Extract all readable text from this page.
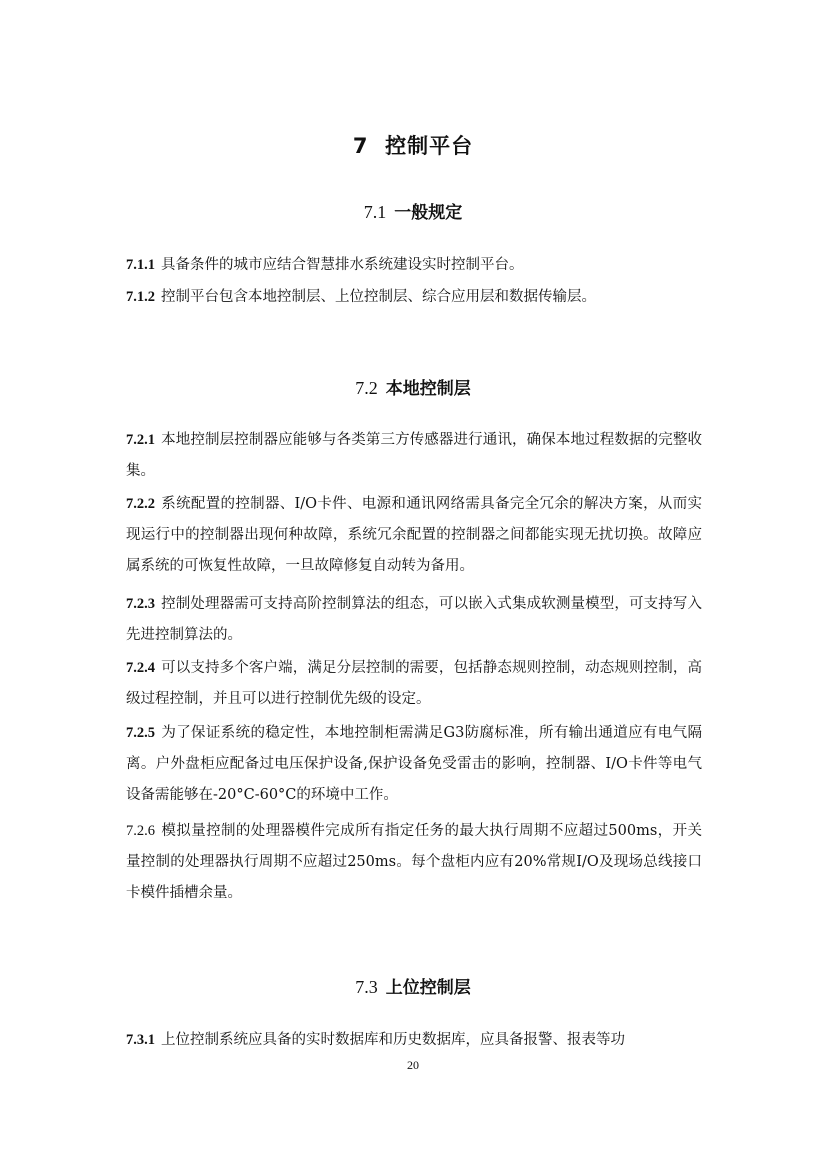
7 控制平台
7.1 一般规定
7.1.1 具备条件的城市应结合智慧排水系统建设实时控制平台。
7.1.2 控制平台包含本地控制层、上位控制层、综合应用层和数据传输层。
7.2 本地控制层
7.2.1 本地控制层控制器应能够与各类第三方传感器进行通讯，确保本地过程数据的完整收集。
7.2.2 系统配置的控制器、I/O卡件、电源和通讯网络需具备完全冗余的解决方案，从而实现运行中的控制器出现何种故障，系统冗余配置的控制器之间都能实现无扰切换。故障应属系统的可恢复性故障，一旦故障修复自动转为备用。
7.2.3 控制处理器需可支持高阶控制算法的组态，可以嵌入式集成软测量模型，可支持写入先进控制算法的。
7.2.4 可以支持多个客户端，满足分层控制的需要，包括静态规则控制，动态规则控制，高级过程控制，并且可以进行控制优先级的设定。
7.2.5 为了保证系统的稳定性，本地控制柜需满足G3防腐标准，所有输出通道应有电气隔离。户外盘柜应配备过电压保护设备,保护设备免受雷击的影响，控制器、I/O卡件等电气设备需能够在-20°C-60°C的环境中工作。
7.2.6 模拟量控制的处理器模件完成所有指定任务的最大执行周期不应超过500ms，开关量控制的处理器执行周期不应超过250ms。每个盘柜内应有20%常规I/O及现场总线接口卡模件插槽余量。
7.3 上位控制层
7.3.1 上位控制系统应具备的实时数据库和历史数据库，应具备报警、报表等功
20
